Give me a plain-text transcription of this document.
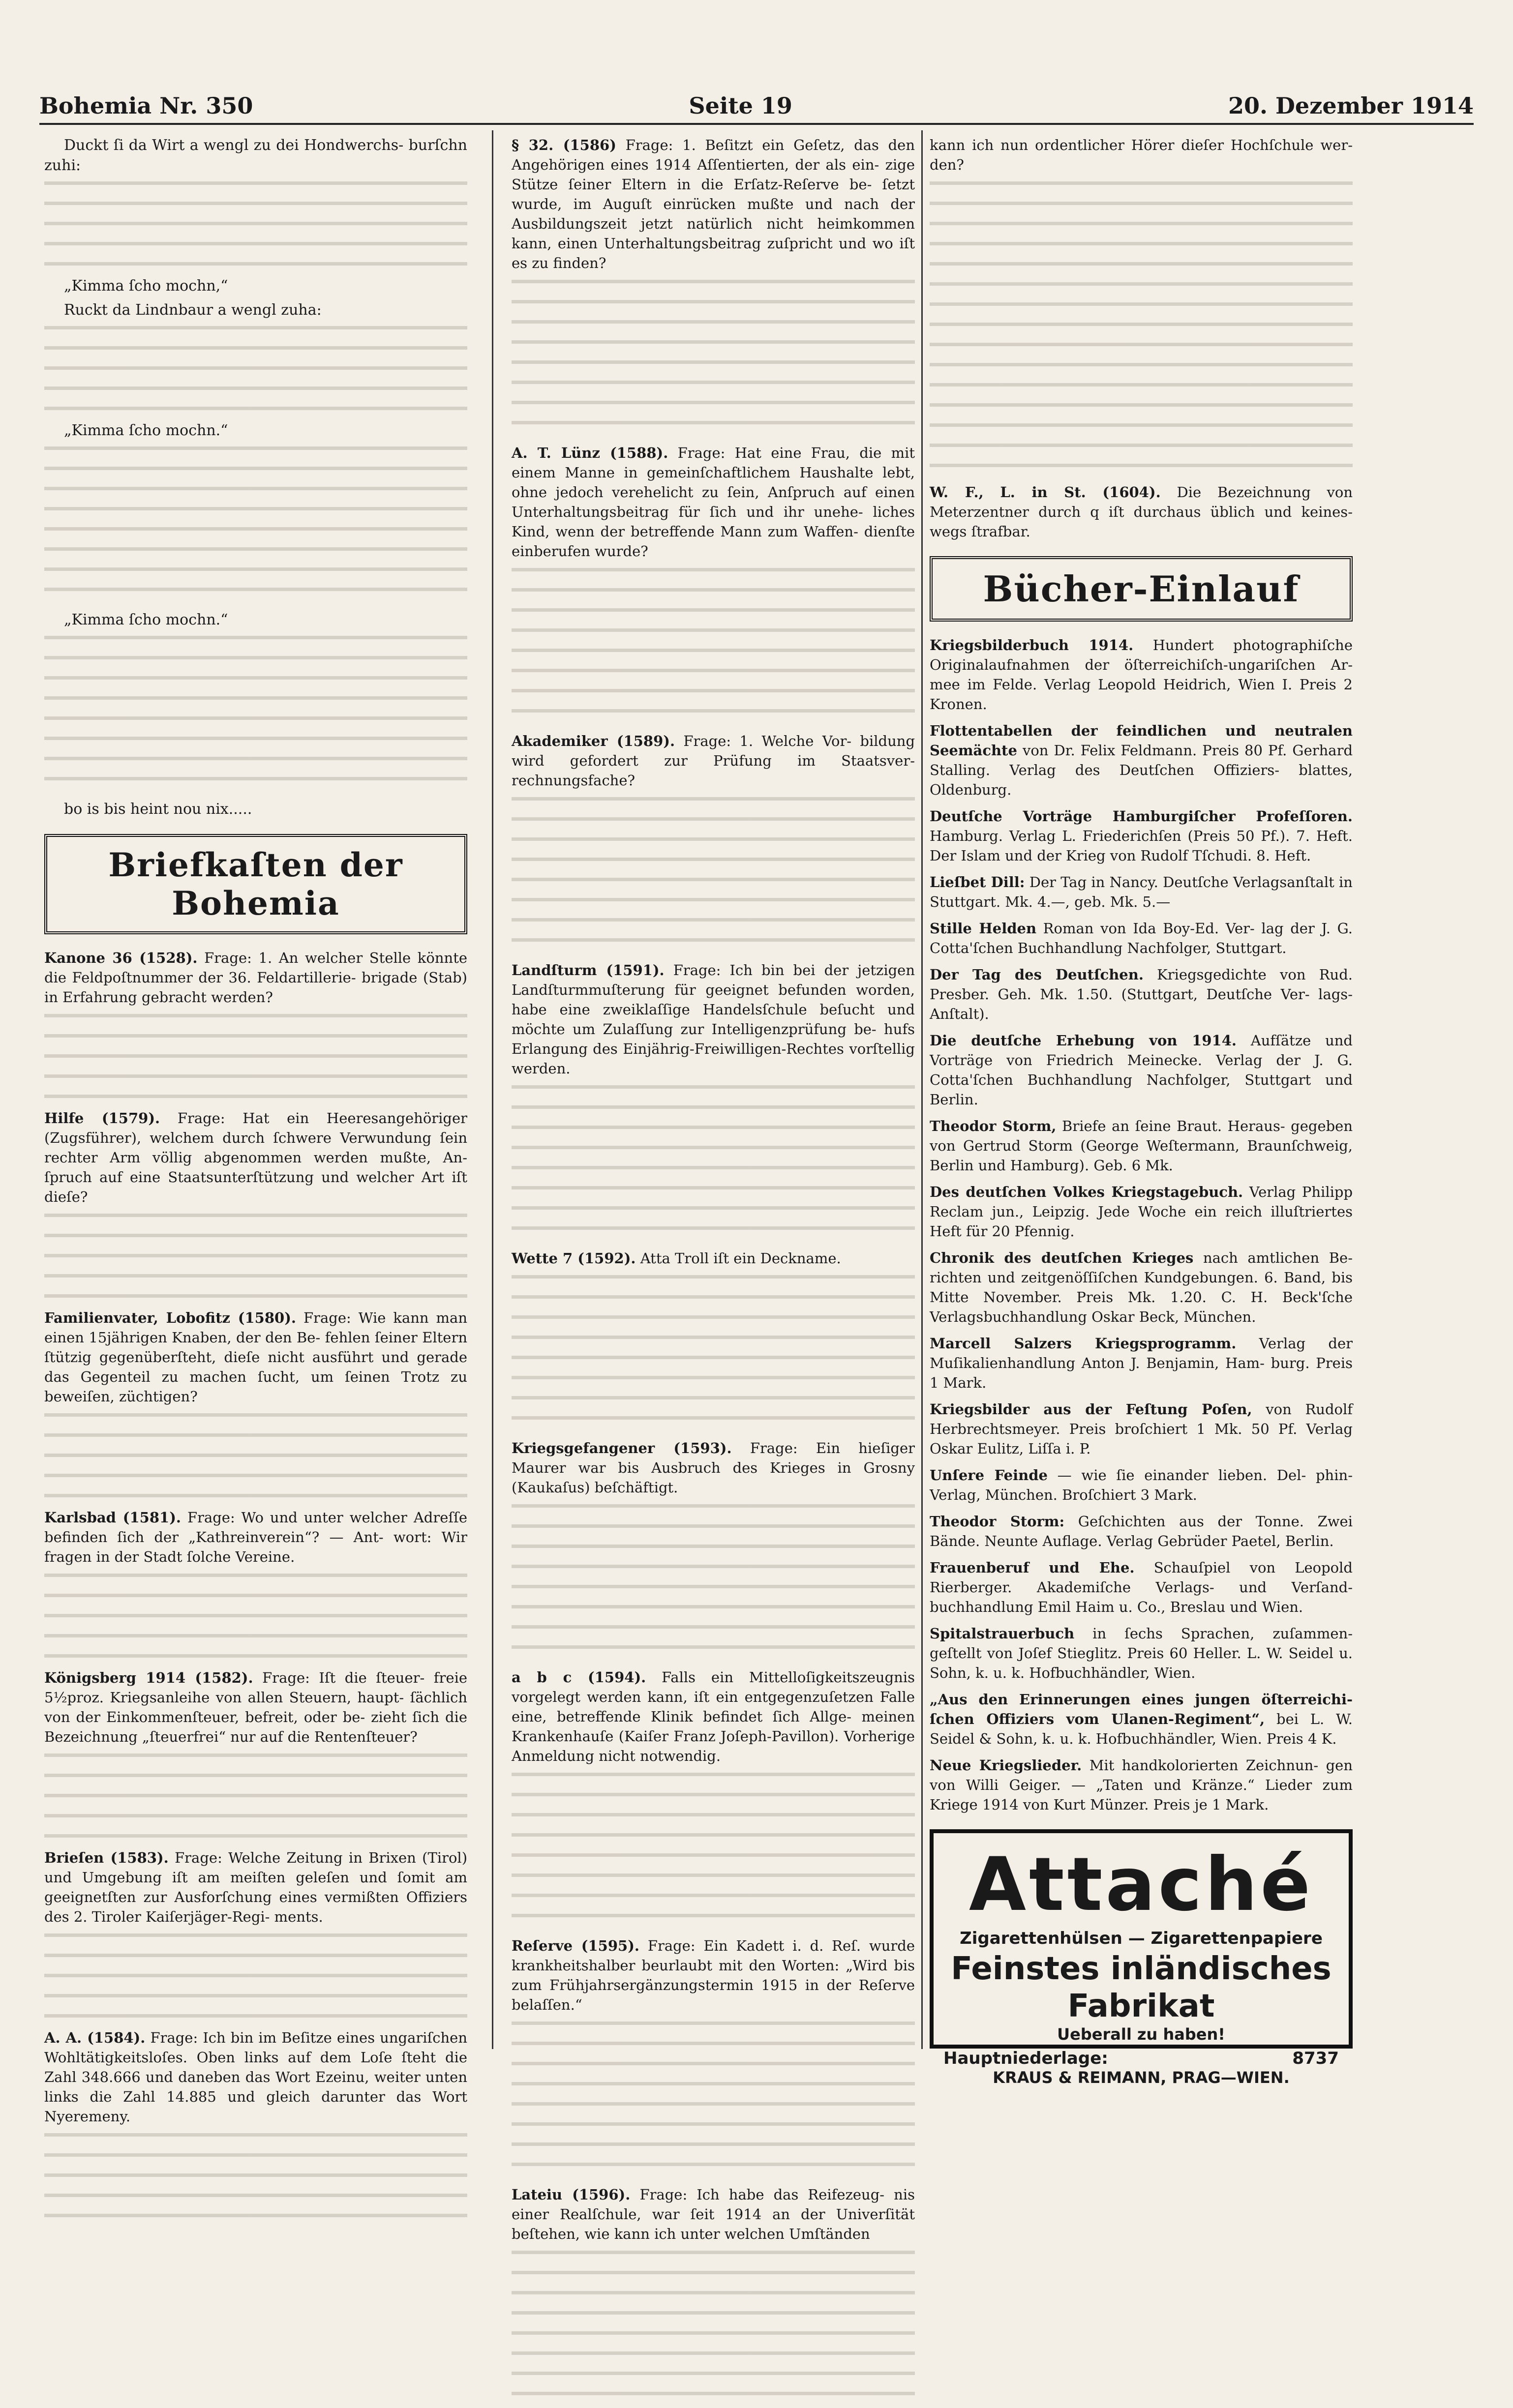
Bohemia Nr. 350	Seite 19	20. Dezember 1914

Duckt ſi da Wirt a wengl zu dei Hondwerchs- burſchn zuhi:

„Kimma ſcho mochn,“

Ruckt da Lindnbaur a wengl zuha:

„Kimma ſcho mochn.“

„Kimma ſcho mochn.“

bo is bis heint nou nix.....

Briefkaſten der Bohemia

Kanone 36 (1528). Frage: 1. An welcher Stelle könnte die Feldpoſtnummer der 36. Feldartillerie- brigade (Stab) in Erfahrung gebracht werden?

Hilfe (1579). Frage: Hat ein Heeresangehöriger (Zugsführer), welchem durch ſchwere Verwundung ſein rechter Arm völlig abgenommen werden mußte, An- ſpruch auf eine Staatsunterſtützung und welcher Art iſt dieſe?

Familienvater, Lobofitz (1580). Frage: Wie kann man einen 15jährigen Knaben, der den Be- fehlen ſeiner Eltern ſtützig gegenüberſteht, dieſe nicht ausführt und gerade das Gegenteil zu machen ſucht, um ſeinen Trotz zu beweiſen, züchtigen?

Karlsbad (1581). Frage: Wo und unter welcher Adreſſe befinden ſich der „Kathreinverein“? — Ant- wort: Wir fragen in der Stadt ſolche Vereine.

Königsberg 1914 (1582). Frage: Iſt die ſteuer- freie 5½proz. Kriegsanleihe von allen Steuern, haupt- ſächlich von der Einkommenſteuer, befreit, oder be- zieht ſich die Bezeichnung „ſteuerfrei“ nur auf die Rentenſteuer?

Brieſen (1583). Frage: Welche Zeitung in Brixen (Tirol) und Umgebung iſt am meiſten geleſen und ſomit am geeignetſten zur Ausforſchung eines vermißten Offiziers des 2. Tiroler Kaiſerjäger-Regi- ments.

A. A. (1584). Frage: Ich bin im Beſitze eines ungariſchen Wohltätigkeitsloſes. Oben links auf dem Loſe ſteht die Zahl 348.666 und daneben das Wort Ezeinu, weiter unten links die Zahl 14.885 und gleich darunter das Wort Nyeremeny.

§ 32. (1586) Frage: 1. Beſitzt ein Geſetz, das den Angehörigen eines 1914 Aſſentierten, der als ein- zige Stütze ſeiner Eltern in die Erſatz-Reſerve be- ſetzt wurde, im Auguſt einrücken mußte und nach der Ausbildungszeit jetzt natürlich nicht heimkommen kann, einen Unterhaltungsbeitrag zuſpricht und wo iſt es zu finden?

A. T. Lünz (1588). Frage: Hat eine Frau, die mit einem Manne in gemeinſchaftlichem Haushalte lebt, ohne jedoch verehelicht zu ſein, Anſpruch auf einen Unterhaltungsbeitrag für ſich und ihr unehe- liches Kind, wenn der betreffende Mann zum Waffen- dienſte einberufen wurde?

Akademiker (1589). Frage: 1. Welche Vor- bildung wird gefordert zur Prüfung im Staatsver- rechnungsfache?

Landſturm (1591). Frage: Ich bin bei der jetzigen Landſturmmuſterung für geeignet befunden worden, habe eine zweiklaſſige Handelsſchule beſucht und möchte um Zulaſſung zur Intelligenzprüfung be- hufs Erlangung des Einjährig-Freiwilligen-Rechtes vorſtellig werden.

Wette 7 (1592). Atta Troll iſt ein Deckname.

Kriegsgefangener (1593). Frage: Ein hieſiger Maurer war bis Ausbruch des Krieges in Grosny (Kaukaſus) beſchäftigt.

a b c (1594). Falls ein Mittelloſigkeitszeugnis vorgelegt werden kann, iſt ein entgegenzuſetzen Falle eine, betreffende Klinik befindet ſich Allge- meinen Krankenhauſe (Kaiſer Franz Joſeph-Pavillon). Vorherige Anmeldung nicht notwendig.

Reſerve (1595). Frage: Ein Kadett i. d. Reſ. wurde krankheitshalber beurlaubt mit den Worten: „Wird bis zum Frühjahrsergänzungstermin 1915 in der Reſerve belaſſen.“

Lateiu (1596). Frage: Ich habe das Reifezeug- nis einer Realſchule, war ſeit 1914 an der Univerſität beſtehen, wie kann ich unter welchen Umſtänden

kann ich nun ordentlicher Hörer dieſer Hochſchule wer- den?

W. F., L. in St. (1604). Die Bezeichnung von Meterzentner durch q iſt durchaus üblich und keines- wegs ſtrafbar.

Bücher-Einlauf

Kriegsbilderbuch 1914. Hundert photographiſche Originalaufnahmen der öſterreichiſch-ungariſchen Ar- mee im Felde. Verlag Leopold Heidrich, Wien I. Preis 2 Kronen.

Flottentabellen der feindlichen und neutralen Seemächte von Dr. Felix Feldmann. Preis 80 Pf. Gerhard Stalling. Verlag des Deutſchen Offiziers- blattes, Oldenburg.

Deutſche Vorträge Hamburgiſcher Profeſſoren. Hamburg. Verlag L. Friederichſen (Preis 50 Pf.). 7. Heft. Der Islam und der Krieg von Rudolf Tſchudi. 8. Heft.

Lieſbet Dill: Der Tag in Nancy. Deutſche Verlagsanſtalt in Stuttgart. Mk. 4.—, geb. Mk. 5.—

Stille Helden Roman von Ida Boy-Ed. Ver- lag der J. G. Cotta'ſchen Buchhandlung Nachfolger, Stuttgart.

Der Tag des Deutſchen. Kriegsgedichte von Rud. Presber. Geh. Mk. 1.50. (Stuttgart, Deutſche Ver- lags-Anſtalt).

Die deutſche Erhebung von 1914. Aufſätze und Vorträge von Friedrich Meinecke. Verlag der J. G. Cotta'ſchen Buchhandlung Nachfolger, Stuttgart und Berlin.

Theodor Storm, Briefe an ſeine Braut. Heraus- gegeben von Gertrud Storm (George Weſtermann, Braunſchweig, Berlin und Hamburg). Geb. 6 Mk.

Des deutſchen Volkes Kriegstagebuch. Verlag Philipp Reclam jun., Leipzig. Jede Woche ein reich illuſtriertes Heft für 20 Pfennig.

Chronik des deutſchen Krieges nach amtlichen Be- richten und zeitgenöſſiſchen Kundgebungen. 6. Band, bis Mitte November. Preis Mk. 1.20. C. H. Beck'ſche Verlagsbuchhandlung Oskar Beck, München.

Marcell Salzers Kriegsprogramm. Verlag der Muſikalienhandlung Anton J. Benjamin, Ham- burg. Preis 1 Mark.

Kriegsbilder aus der Feſtung Poſen, von Rudolf Herbrechtsmeyer. Preis broſchiert 1 Mk. 50 Pf. Verlag Oskar Eulitz, Liſſa i. P.

Unſere Feinde — wie ſie einander lieben. Del- phin-Verlag, München. Broſchiert 3 Mark.

Theodor Storm: Geſchichten aus der Tonne. Zwei Bände. Neunte Auflage. Verlag Gebrüder Paetel, Berlin.

Frauenberuf und Ehe. Schauſpiel von Leopold Rierberger. Akademiſche Verlags- und Verſand- buchhandlung Emil Haim u. Co., Breslau und Wien.

Spitalstrauerbuch in ſechs Sprachen, zuſammen- geſtellt von Joſef Stieglitz. Preis 60 Heller. L. W. Seidel u. Sohn, k. u. k. Hofbuchhändler, Wien.

„Aus den Erinnerungen eines jungen öſterreichi- ſchen Offiziers vom Ulanen-Regiment“, bei L. W. Seidel & Sohn, k. u. k. Hofbuchhändler, Wien. Preis 4 K.

Neue Kriegslieder. Mit handkolorierten Zeichnun- gen von Willi Geiger. — „Taten und Kränze.“ Lieder zum Kriege 1914 von Kurt Münzer. Preis je 1 Mark.

Attaché
Zigarettenhülsen — Zigarettenpapiere
Feinstes inländisches Fabrikat
Ueberall zu haben!
Hauptniederlage:	8737
KRAUS & REIMANN, PRAG—WIEN.
